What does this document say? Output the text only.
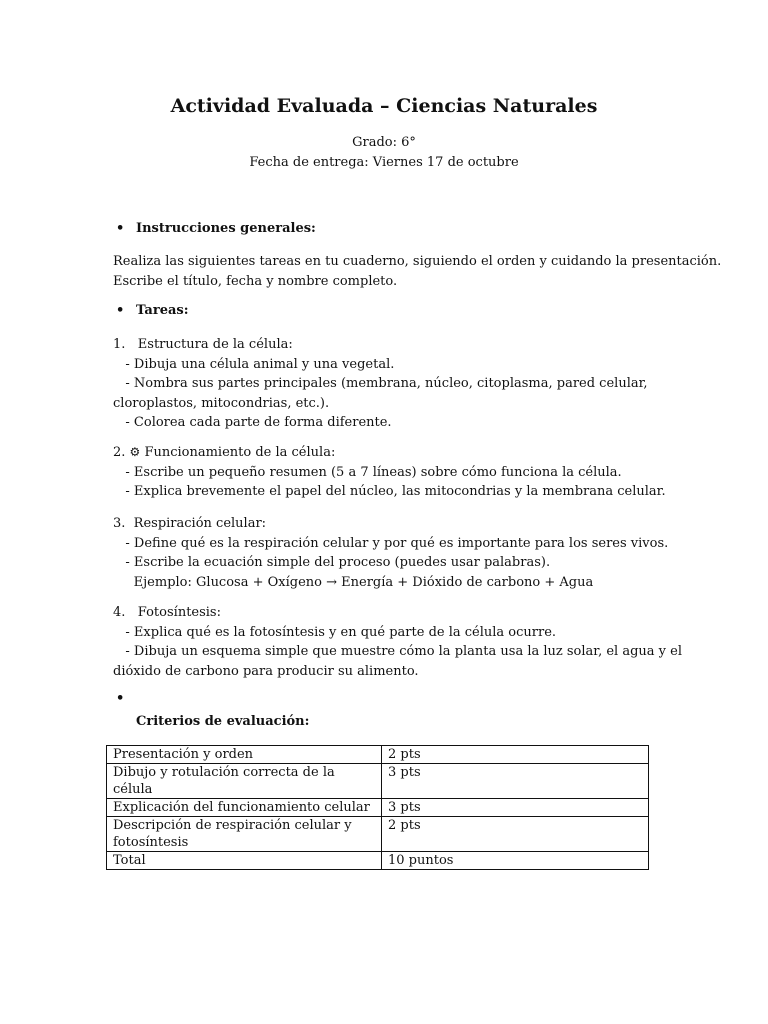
Actividad Evaluada – Ciencias Naturales
Grado: 6°
Fecha de entrega: Viernes 17 de octubre
• Instrucciones generales:
Realiza las siguientes tareas en tu cuaderno, siguiendo el orden y cuidando la presentación.
Escribe el título, fecha y nombre completo.
• Tareas:
1.   Estructura de la célula:
- Dibuja una célula animal y una vegetal.
- Nombra sus partes principales (membrana, núcleo, citoplasma, pared celular,
cloroplastos, mitocondrias, etc.).
- Colorea cada parte de forma diferente.
2. ⚙ Funcionamiento de la célula:
- Escribe un pequeño resumen (5 a 7 líneas) sobre cómo funciona la célula.
- Explica brevemente el papel del núcleo, las mitocondrias y la membrana celular.
3.  Respiración celular:
- Define qué es la respiración celular y por qué es importante para los seres vivos.
- Escribe la ecuación simple del proceso (puedes usar palabras).
Ejemplo: Glucosa + Oxígeno → Energía + Dióxido de carbono + Agua
4.   Fotosíntesis:
- Explica qué es la fotosíntesis y en qué parte de la célula ocurre.
- Dibuja un esquema simple que muestre cómo la planta usa la luz solar, el agua y el
dióxido de carbono para producir su alimento.
•
Criterios de evaluación:
Presentación y orden	2 pts
Dibujo y rotulación correcta de la célula	3 pts
Explicación del funcionamiento celular	3 pts
Descripción de respiración celular y fotosíntesis	2 pts
Total	10 puntos
